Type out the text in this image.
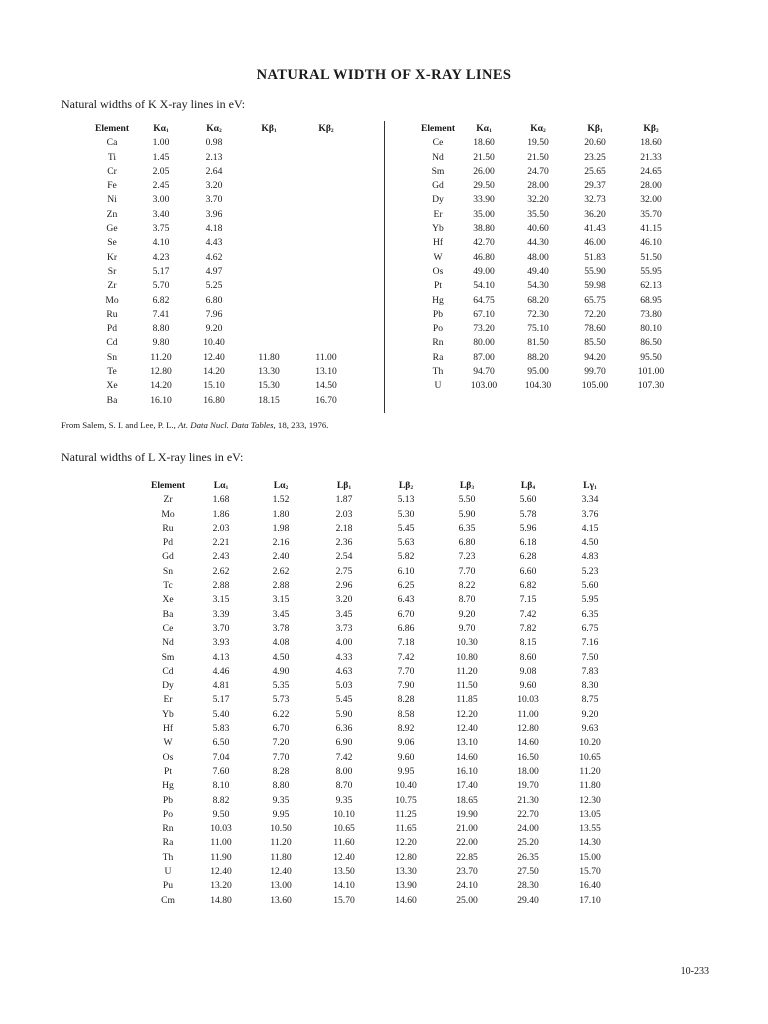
NATURAL WIDTH OF X-RAY LINES
Natural widths of K X-ray lines in eV:
Element	$K\alpha_1$	$K\alpha_2$	$K\beta_1$	$K\beta_2$
Ca	1.00	0.98
Ti	1.45	2.13
Cr	2.05	2.64
Fe	2.45	3.20
Ni	3.00	3.70
Zn	3.40	3.96
Ge	3.75	4.18
Se	4.10	4.43
Kr	4.23	4.62
Sr	5.17	4.97
Zr	5.70	5.25
Mo	6.82	6.80
Ru	7.41	7.96
Pd	8.80	9.20
Cd	9.80	10.40
Sn	11.20	12.40	11.80	11.00
Te	12.80	14.20	13.30	13.10
Xe	14.20	15.10	15.30	14.50
Ba	16.10	16.80	18.15	16.70
Element $K\alpha_1$	$K\alpha_2$	$K\beta_1$	$K\beta_2$
Ce	18.60	19.50	20.60	18.60
Nd	21.50	21.50	23.25	21.33
Sm	26.00	24.70	25.65	24.65
Gd	29.50	28.00	29.37	28.00
Dy	33.90	32.20	32.73	32.00
Er	35.00	35.50	36.20	35.70
Yb	38.80	40.60	41.43	41.15
Hf	42.70	44.30	46.00	46.10
W	46.80	48.00	51.83	51.50
Os	49.00	49.40	55.90	55.95
Pt	54.10	54.30	59.98	62.13
Hg	64.75	68.20	65.75	68.95
Pb	67.10	72.30	72.20	73.80
Po	73.20	75.10	78.60	80.10
Rn	80.00	81.50	85.50	86.50
Ra	87.00	88.20	94.20	95.50
Th	94.70	95.00	99.70	101.00
U	103.00	104.30	105.00	107.30
From Salem, S. I. and Lee, P. L., At. Data Nucl. Data Tables, 18, 233, 1976.
Natural widths of L X-ray lines in eV:
Element	$L\alpha_1$	$L\alpha_2$	$L\beta_1$	$L\beta_2$	$L\beta_3$	$L\beta_4$	$L\gamma_1$
Zr	1.68	1.52	1.87	5.13	5.50	5.60	3.34
Mo	1.86	1.80	2.03	5.30	5.90	5.78	3.76
Ru	2.03	1.98	2.18	5.45	6.35	5.96	4.15
Pd	2.21	2.16	2.36	5.63	6.80	6.18	4.50
Gd	2.43	2.40	2.54	5.82	7.23	6.28	4.83
Sn	2.62	2.62	2.75	6.10	7.70	6.60	5.23
Tc	2.88	2.88	2.96	6.25	8.22	6.82	5.60
Xe	3.15	3.15	3.20	6.43	8.70	7.15	5.95
Ba	3.39	3.45	3.45	6.70	9.20	7.42	6.35
Ce	3.70	3.78	3.73	6.86	9.70	7.82	6.75
Nd	3.93	4.08	4.00	7.18	10.30	8.15	7.16
Sm	4.13	4.50	4.33	7.42	10.80	8.60	7.50
Cd	4.46	4.90	4.63	7.70	11.20	9.08	7.83
Dy	4.81	5.35	5.03	7.90	11.50	9.60	8.30
Er	5.17	5.73	5.45	8.28	11.85	10.03	8.75
Yb	5.40	6.22	5.90	8.58	12.20	11.00	9.20
Hf	5.83	6.70	6.36	8.92	12.40	12.80	9.63
W	6.50	7.20	6.90	9.06	13.10	14.60	10.20
Os	7.04	7.70	7.42	9.60	14.60	16.50	10.65
Pt	7.60	8.28	8.00	9.95	16.10	18.00	11.20
Hg	8.10	8.80	8.70	10.40	17.40	19.70	11.80
Pb	8.82	9.35	9.35	10.75	18.65	21.30	12.30
Po	9.50	9.95	10.10	11.25	19.90	22.70	13.05
Rn	10.03	10.50	10.65	11.65	21.00	24.00	13.55
Ra	11.00	11.20	11.60	12.20	22.00	25.20	14.30
Th	11.90	11.80	12.40	12.80	22.85	26.35	15.00
U	12.40	12.40	13.50	13.30	23.70	27.50	15.70
Pu	13.20	13.00	14.10	13.90	24.10	28.30	16.40
Cm	14.80	13.60	15.70	14.60	25.00	29.40	17.10
10-233
